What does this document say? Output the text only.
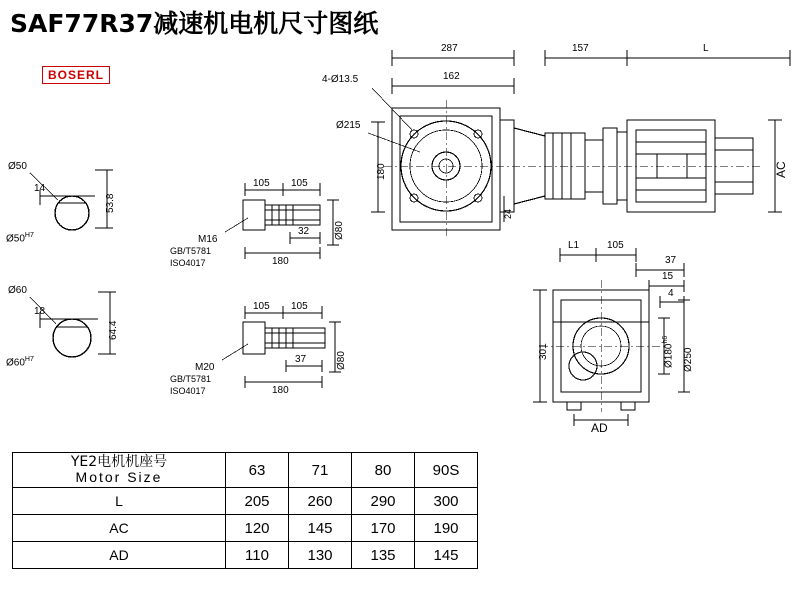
SAF77R37减速机电机尺寸图纸
BOSERL
Ø50
14
53.8
$Ø50^{H7}$
Ø60
18
64.4
$Ø60^{H7}$
105 105
32
180
Ø80
M16
GB/T5781
ISO4017
105 105
37
180
Ø80
M20
GB/T5781
ISO4017
287
162
157	L
4-Ø13.5
Ø215
180
24
AC
L1	105
37
15
4
301	$Ø180^{h6}$
Ø250
AD
YE2电机机座号
Motor Size	63	71	80	90S
L	205	260	290	300
AC	120	145	170	190
AD	110	130	135	145
